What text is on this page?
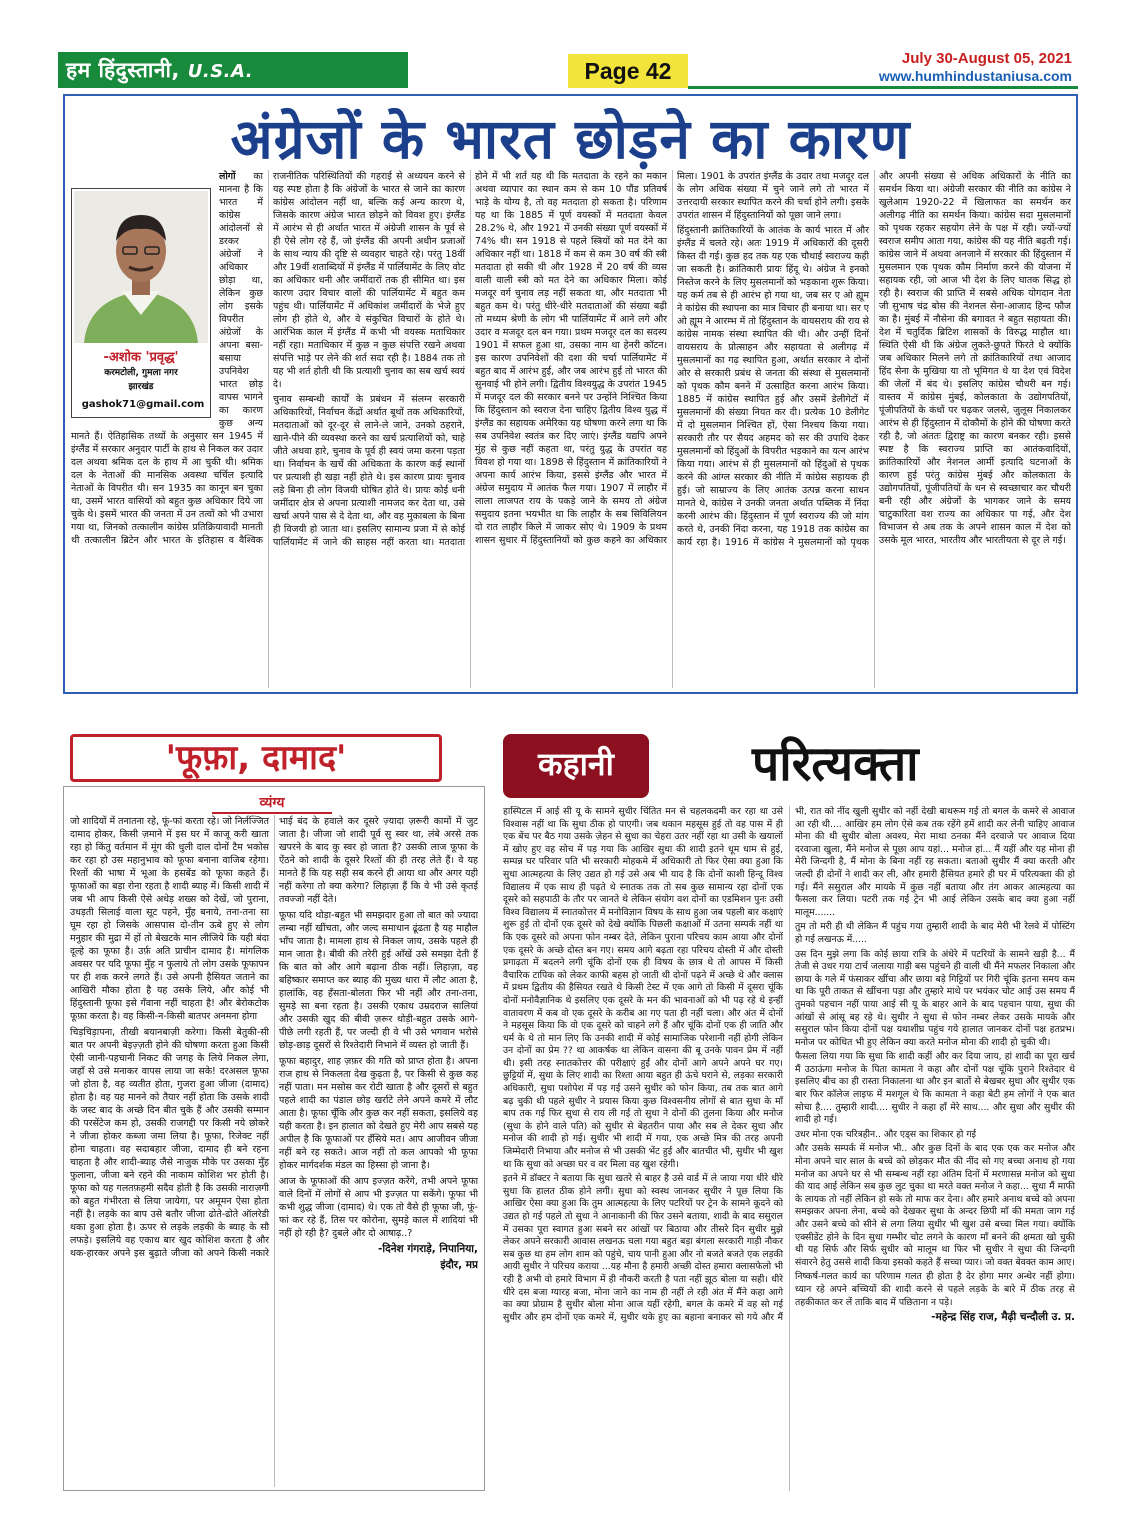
हम हिंदुस्तानी, U.S.A.	Page 42	July 30-August 05, 2021
www.humhindustaniusa.com
अंग्रेजों के भारत छोड़ने का कारण
-अशोक 'प्रवृद्ध'
करमटोली, गुमला नगर
झारखंड
gashok71@gmail.com

लोगों का मानना है कि भारत में कांग्रेस आंदोलनों से डरकर अंग्रेजों ने अधिकार छोड़ा था, लेकिन कुछ लोग इसके विपरीत अंग्रेजों के अपना बसा-बसाया उपनिवेश भारत छोड़ वापस भागने का कारण कुछ अन्य मानते हैं। ऐतिहासिक तथ्यों के अनुसार सन 1945 में इंग्लैंड में सरकार अनुदार पार्टी के हाथ से निकल कर उदार दल अथवा श्रमिक दल के हाथ में आ चुकी थी। श्रमिक दल के नेताओं की मानसिक अवस्था चर्चिल इत्यादि नेताओं के विपरीत थी। सन 1935 का कानून बन चुका था, उसमें भारत वासियों को बहुत कुछ अधिकार दिये जा चुके थे। इसमें भारत की जनता में उन तत्वों को भी उभारा गया था, जिनको तत्कालीन कांग्रेस प्रतिक्रियावादी मानती थी तत्कालीन ब्रिटेन और भारत के इतिहास व वैश्विक राजनीतिक परिस्थितियों की गहराई से अध्ययन करने से यह स्पष्ट होता है कि अंग्रेजों के भारत से जाने का कारण कांग्रेस आंदोलन नहीं था, बल्कि कई अन्य कारण थे, जिसके कारण अंग्रेज भारत छोड़ने को विवश हुए। इंग्लैंड में आरंभ से ही अर्थात भारत में अंग्रेजी शासन के पूर्व से ही ऐसे लोग रहे हैं, जो इंग्लैंड की अपनी अधीन प्रजाओं के साथ न्याय की दृष्टि से व्यवहार चाहते रहे। परंतु 18वीं और 19वीं शताब्दियों में इंग्लैंड में पार्लियामेंट के लिए वोट का अधिकार धनी और जमींदारों तक ही सीमित था। इस कारण उदार विचार वालों की पार्लियामेंट में बहुत कम पहुंच थी। पार्लियामेंट में अधिकांश जमींदारों के भेजे हुए लोग ही होते थे, और वे संकुचित विचारों के होते थे। आरंभिक काल में इंग्लैंड में कभी भी वयस्क मताधिकार नहीं रहा। मताधिकार में कुछ न कुछ संपत्ति रखने अथवा संपत्ति भाड़े पर लेने की शर्त सदा रही है। 1884 तक तो यह भी शर्त होती थी कि प्रत्याशी चुनाव का सब खर्च स्वयं दे।

चुनाव सम्बन्धी कार्यों के प्रबंधन में संलग्न सरकारी अधिकारियों, निर्वाचन केंद्रों अर्थात बूथों तक अधिकारियों, मतदाताओं को दूर-दूर से लाने-ले जाने, उनको ठहराने, खाने-पीने की व्यवस्था करने का खर्च प्रत्याशियों को, चाहे जीते अथवा हारे, चुनाव के पूर्व ही स्वयं जमा करना पड़ता था। निर्वाचन के खर्चे की अधिकता के कारण कई स्थानों पर प्रत्याशी ही खड़ा नहीं होते थे। इस कारण प्रायः चुनाव लड़े बिना ही लोग विजयी घोषित होते थे। प्रायः कोई धनी जमींदार क्षेत्र से अपना प्रत्याशी नामजद कर देता था, उसे खर्चा अपने पास से दे देता था, और वह मुकाबला के बिना ही विजयी हो जाता था। इसलिए सामान्य प्रजा में से कोई पार्लियामेंट में जाने की साहस नहीं करता था। मतदाता होने में भी शर्त यह थी कि मतदाता के रहने का मकान अथवा व्यापार का स्थान कम से कम 10 पौंड प्रतिवर्ष भाड़े के योग्य है, तो वह मतदाता हो सकता है। परिणाम यह था कि 1885 में पूर्ण वयस्कों में मतदाता केवल 28.2% थे, और 1921 में उनकी संख्या पूर्ण वयस्कों में 74% थी। सन 1918 से पहले स्त्रियों को मत देने का अधिकार नहीं था। 1818 में कम से कम 30 वर्ष की स्त्री मतदाता हो सकी थी और 1928 में 20 वर्ष की व्यस वाली वाली स्त्री को मत देने का अधिकार मिला। कोई मजदूर वर्ग चुनाव लड़ नहीं सकता था, और मतदाता भी बहुत कम थे। परंतु धीरे-धीरे मतदाताओं की संख्या बढ़ी तो मध्यम श्रेणी के लोग भी पार्लियामेंट में आने लगे और उदार व मजदूर दल बन गया। प्रथम मजदूर दल का सदस्य 1901 में सफल हुआ था, उसका नाम था हेनरी कॉटन। इस कारण उपनिवेशों की दशा की चर्चा पार्लियामेंट में बहुत बाद में आरंभ हुई, और जब आरंभ हुई तो भारत की सुनवाई भी होने लगी। द्वितीय विश्वयुद्ध के उपरांत 1945 में मजदूर दल की सरकार बनने पर उन्होंने निश्चित किया कि हिंदुस्तान को स्वराज देना चाहिए द्वितीय विश्व युद्ध में इंग्लैंड का सहायक अमेरिका यह घोषणा करने लगा था कि सब उपनिवेश स्वतंत्र कर दिए जाएं। इंग्लैंड यद्यपि अपने मुंह से कुछ नहीं कहता था, परंतु युद्ध के उपरांत वह विवश हो गया था। 1898 से हिंदुस्तान में क्रांतिकारियों ने अपना कार्य आरंभ किया, इससे इंग्लैंड और भारत में अंग्रेज समुदाय में आतंक फैल गया। 1907 में लाहौर में लाला लाजपत राय के पकड़े जाने के समय तो अंग्रेज समुदाय इतना भयभीत था कि लाहौर के सब सिविलियन दो रात लाहौर किले में जाकर सोए थे। 1909 के प्रथम शासन सुधार में हिंदुस्तानियों को कुछ कहने का अधिकार मिला। 1901 के उपरांत इंग्लैंड के उदार तथा मजदूर दल के लोग अधिक संख्या में चुने जाने लगे तो भारत में उत्तरदायी सरकार स्थापित करने की चर्चा होने लगी। इसके उपरांत शासन में हिंदुस्तानियों को पूछा जाने लगा।

हिंदुस्तानी क्रांतिकारियों के आतंक के कार्य भारत में और इंग्लैंड में चलते रहे। अतः 1919 में अधिकारों की दूसरी किस्त दी गई। कुछ हद तक यह एक चौथाई स्वराज्य कही जा सकती है। क्रांतिकारी प्रायः हिंदू थे। अंग्रेज ने इनको निस्तेज करने के लिए मुसलमानों को भड़काना शुरू किया। यह कर्म तब से ही आरंभ हो गया था, जब सर ए ओ ह्यूम ने कांग्रेस की स्थापना का मात्र विचार ही बनाया था। सर ए ओ ह्यूम ने आरम्भ में तो हिंदुस्तान के वायसराय की राय से कांग्रेस नामक संस्था स्थापित की थी। और उन्हीं दिनों वायसराय के प्रोत्साहन और सहायता से अलीगढ़ में मुसलमानों का गढ़ स्थापित हुआ, अर्थात सरकार ने दोनों ओर से सरकारी प्रबंध से जनता की संस्था से मुसलमानों को पृथक कौम बनने में उत्साहित करना आरंभ किया। 1885 में कांग्रेस स्थापित हुई और उसमें डेलीगेटों में मुसलमानों की संख्या नियत कर दी। प्रत्येक 10 डेलीगेट में दो मुसलमान निश्चित हों, ऐसा निश्चय किया गया। सरकारी तौर पर सैयद अहमद को सर की उपाधि देकर मुसलमानों को हिंदुओं के विपरीत भड़काने का यत्न आरंभ किया गया। आरंभ से ही मुसलमानों को हिंदुओं से पृथक करने की आंग्ल सरकार की नीति में कांग्रेस सहायक ही हुई। जो साम्राज्य के लिए आतंक उत्पन्न करना साधन मानते थे, कांग्रेस ने उनकी जनता अर्थात पब्लिक में निंदा करनी आरंभ की। हिंदुस्तान में पूर्ण स्वराज्य की जो मांग करते थे, उनकी निंदा करना, यह 1918 तक कांग्रेस का कार्य रहा है। 1916 में कांग्रेस ने मुसलमानों को पृथक और अपनी संख्या से अधिक अधिकारों के नीति का समर्थन किया था। अंग्रेजी सरकार की नीति का कांग्रेस ने खुलेआम 1920-22 में खिलाफत का समर्थन कर अलीगढ़ नीति का समर्थन किया। कांग्रेस सदा मुसलमानों को पृथक रहकर सहयोग लेने के पक्ष में रही। ज्यों-ज्यों स्वराज समीप आता गया, कांग्रेस की यह नीति बढ़ती गई। कांग्रेस जाने में अथवा अनजाने में सरकार की हिंदुस्तान में मुसलमान एक पृथक कौम निर्माण करने की योजना में सहायक रही, जो आज भी देश के लिए घातक सिद्ध हो रही है। स्वराज की प्राप्ति में सबसे अधिक योगदान नेता जी सुभाष चंद्र बोस की नेशनल सेना-आजाद हिन्द फौज का है। मुंबई में नौसेना की बगावत ने बहुत सहायता की। देश में चतुर्दिक ब्रिटिश शासकों के विरुद्ध माहौल था। स्थिति ऐसी थी कि अंग्रेज लुकते-छुपते फिरते थे क्योंकि जब अधिकार मिलने लगे तो क्रांतिकारियों तथा आजाद हिंद सेना के मुखिया या तो भूमिगत थे या देश एवं विदेश की जेलों में बंद थे। इसलिए कांग्रेस चौधरी बन गई। वास्तव में कांग्रेस मुंबई, कोलकाता के उद्योगपतियों, पूंजीपतियों के कंधों पर चढ़कर जलसे, जुलूस निकालकर आरंभ से ही हिंदुस्तान में दोकौमों के होने की घोषणा करते रही है, जो अंततः द्विराष्ट्र का कारण बनकर रही। इससे स्पष्ट है कि स्वराज्य प्राप्ति का आतंकवादियों, क्रांतिकारियों और नेशनल आर्मी इत्यादि घटनाओं के कारण हुई परंतु कांग्रेस मुंबई और कोलकाता के उद्योगपतियों, पूंजीपतियों के धन से स्वच्छाचार कर चौधरी बनी रही और अंग्रेजों के भागकर जाने के समय चाटुकारिता वश राज्य का अधिकार पा गई, और देश विभाजन से अब तक के अपने शासन काल में देश को उसके मूल भारत, भारतीय और भारतीयता से दूर ले गई।

'फूफ़ा, दामाद'
व्यंग्य

जो शादियों में तनातना रहे, फूं-फां करता रहे। जो निर्लज्जित दामाद होकर, किसी ज़माने में इस घर में काजू करी खाता रहा हो किंतु वर्तमान में मूंग की धुली दाल दोनों टैम भकोस कर रहा हो उस महानुभाव को फूफा बनाना वाजिब रहेगा। रिश्तों की भाषा में भूआ के हसबेंड को फूफा कहते हैं। फूफाओं का बड़ा रोना रहता है शादी ब्याह में। किसी शादी में जब भी आप किसी ऐसे अधेड़ शख्स को देखें, जो पुराना, उधड़ती सिलाई वाला सूट पहने, मुँह बनाये, तना-तना सा घूम रहा हो जिसके आसपास दो-तीन ऊबे हुए से लोग मनुहार की मुद्रा में हों तो बेखटके मान लीजिये कि यही बंदा दूल्हे का फूफा है। उर्फ़ अति प्राचीन दामाद है। मांगलिक अवसर पर यदि फूफा मुँह न फुलाये तो लोग उसके फूफापन पर ही शक करने लगते हैं। उसे अपनी हैसियत जताने का आखिरी मौका होता है यह उसके लिये, और कोई भी हिंदुस्तानी फूफा इसे गँवाना नहीं चाहता है! और बेरोकटोक फूफ़ा करता है। वह किसी-न-किसी बातपर अनमना होगा

चिड़चिड़ापना, तीखी बयानबाज़ी करेगा। किसी बेतुकी-सी बात पर अपनी बेइज़्ज़ती होने की घोषणा करता हुआ किसी ऐसी जानी-पहचानी निकट की जगह के लिये निकल लेगा, जहाँ से उसे मनाकर वापस लाया जा सके! दरअसल फूफा जो होता है, वह व्यतीत होता, गुजरा हुआ जीजा (दामाद) होता है। वह यह मानने को तैयार नहीं होता कि उसके शादी के जस्ट बाद के अच्छे दिन बीत चुके हैं और उसकी सम्मान की परसेंटेज कम हो, उसकी राजगद्दी पर किसी नये छोकरे ने जीजा होकर कब्जा जमा लिया है। फूफा, रिजेक्ट नहीं होना चाहता। वह सदाबहार जीजा, दामाद ही बने रहना चाहता है और शादी-ब्याह जैसे नाजुक मौके पर उसका मुँह फुलाना, जीजा बने रहने की नाकाम कोशिश भर होती है। फूफा को यह गलतफ़हमी सदैव होती है कि उसकी नाराज़गी को बहुत गंभीरता से लिया जायेगा, पर अमूमन ऐसा होता नहीं है। लड़के का बाप उसे बतौर जीजा ढोते-ढोते ऑलरेडी थका हुआ होता है। ऊपर से लड़के लड़की के ब्याह के सौ लफड़े। इसलिये वह एकाध बार खुद कोशिश करता है और थक-हारकर अपने इस बुढ़ाते जीजा को अपने किसी नकारे भाई बंद के हवाले कर दूसरे ज़्यादा ज़रूरी कामों में जुट जाता है। जीजा जो शादी पूर्व सु स्वर था, लंबे अरसे तक खपरने के बाद कु स्वर हो जाता है? उसकी लाज फूफा के ऐंठने को शादी के दूसरे रिश्तों की ही तरह लेते हैं। वे यह मानते हैं कि यह सही सब करने ही आया था और अगर यही नहीं करेगा तो क्या करेगा? लिहाज़ा हैं कि वे भी उसे कृतई तवज्जो नहीं देते।

फूफा यदि थोड़ा-बहुत भी समझदार हुआ तो बात को ज्यादा लम्बा नहीं खींचता, और जल्द समाधान ढूंढता है यह माहौल भाँप जाता है। मामला हाथ से निकल जाय, उसके पहले ही मान जाता है। बीवी की तरेरी हुई आँखें उसे समझा देती हैं कि बात को और आगे बढ़ाना ठीक नहीं। लिहाज़ा, वह बहिष्कार समाप्त कर ब्याह की मुख्य धारा में लौट आता है, हालांकि, वह हँसता-बोलता फिर भी नहीं और तना-तना, सुमड़े सा बना रहता है। उसकी एकाध उम्रदराज सालियां और उसकी खुद की बीवी ज़रूर थोड़ी-बहुत उसके आगे-पीछे लगी रहती हैं, पर जल्दी ही वे भी उसे भगवान भरोसे छोड़-छाड़ दूसरों से रिश्तेदारी निभाने में व्यस्त हो जाती हैं।

फूफा बहादुर, शाह ज़फ़र की गति को प्राप्त होता है। अपना राज हाथ से निकलता देख कुढ़ता है, पर किसी से कुछ कह नहीं पाता। मन मसोस कर रोटी खाता है और दूसरों से बहुत पहले शादी का पंडाल छोड़ खर्राटे लेने अपने कमरे में लौट आता है। फूफा चूँकि और कुछ कर नहीं सकता, इसलिये वह यही करता है। इन हालात को देखते हुए मेरी आप सबसे यह अपील है कि फूफाओं पर हँसिये मत। आप आजीवन जीजा नहीं बने रह सकते। आज नहीं तो कल आपको भी फूफा होकर मार्गदर्शक मंडल का हिस्सा हो जाना है।

आज के फूफाओं की आप इज्ज़त करेंगे, तभी अपने फूफा वाले दिनों में लोगों से आप भी इज्ज़त पा सकेंगे। फूफा भी कभी शुद्ध जीजा (दामाद) थे। एक तो वैसे ही फूफा जी, फूं-फां कर रहे हैं, तिस पर कोरोना, सुमड़े काल में शादियां भी नहीं हो रही है? दुबले और दो आषाढ़..?

-दिनेश गंगराड़े, निपानिया,

इंदौर, मप्र

कहानी	परित्यक्ता

हास्पिटल में आई सी यू के सामने सुधीर चिंतित मन से चहलकदमी कर रहा था उसे विश्वास नहीं था कि सुधा ठीक हो पाएगी। जब थकान महसूस हुई तो वह पास में ही एक बेंच पर बैठ गया उसके ज़ेहन से सुधा का चेहरा उतर नहीं रहा था उसी के खयालों में खोए हुए वह सोच में पड़ गया कि आखिर सुधा की शादी इतने धूम धाम से हुई, सम्पन्न घर परिवार पति भी सरकारी मोहकमे में अधिकारी तो फिर ऐसा क्या हुआ कि सुधा आत्महत्या के लिए उद्यत हो गई उसे अब भी याद है कि दोनों काशी हिन्दू विश्व विद्यालय में एक साथ ही पढ़ते थे स्नातक तक तो सब कुछ सामान्य रहा दोनों एक दूसरे को सहपाठी के तौर पर जानते थे लेकिन संयोग वश दोनों का एडमिशन पुनः उसी विश्व विद्यालय में स्नातकोत्तर में मनोविज्ञान विषय के साथ हुआ जब पहली बार कक्षाएं शुरू हुई तो दोनों एक दूसरे को देखे क्योंकि पिछली कक्षाओं में उतना सम्पर्क नहीं था कि एक दूसरे को अपना फोन नम्बर देते, लेकिन पुराना परिचय काम आया और दोनों एक दूसरे के अच्छे दोस्त बन गए। समय आगे बढ़ता रहा परिचय दोस्ती में और दोस्ती प्रगाढ़ता में बदलने लगी चूंकि दोनों एक ही विषय के छात्र थे तो आपस में किसी वैचारिक टापिक को लेकर काफी बहस हो जाती थी दोनों पढ़ने में अच्छे थे और क्लास में प्रथम द्वितीय की हैसियत रखते थे किसी टेस्ट में एक आगे तो किसी में दूसरा चूंकि दोनों मनोवैज्ञानिक थे इसलिए एक दूसरे के मन की भावनाओं को भी पढ़ रहे थे इन्हीं वातावरण में कब वो एक दूसरे के करीब आ गए पता ही नहीं चला। और अंत में दोनों ने महसूस किया कि वो एक दूसरे को चाहने लगे हैं और चूंकि दोनों एक ही जाति और धर्म के थे तो मान लिए कि उनकी शादी में कोई सामाजिक परेशानी नहीं होगी लेकिन उन दोनों का प्रेम ?? था आकर्षक था लेकिन वासना की बू उनके पावन प्रेम में नहीं थी। इसी तरह स्नातकोत्तर की परीक्षाएं हुईं और दोनों आगे अपने अपने घर गए। छुट्टियों में, सुधा के लिए शादी का रिश्ता आया बहुत ही ऊंचे घराने से, लड़का सरकारी अधिकारी, सुधा पशोपेश में पड़ गई उसने सुधीर को फोन किया, तब तक बात आगे बढ़ चुकी थी पहले सुधीर ने प्रयास किया कुछ विश्वसनीय लोगों से बात सुधा के माँ बाप तक गई फिर सुधा से राय ली गई तो सुधा ने दोनों की तुलना किया और मनोज (सुधा के होने वाले पति) को सुधीर से बेहतरीन पाया और सब ले देकर सुधा और मनोज की शादी हो गई। सुधीर भी शादी में गया, एक अच्छे मित्र की तरह अपनी जिम्मेदारी निभाया और मनोज से भी उसकी भेंट हुई और बातचीत भी, सुधीर भी खुश था कि सुधा को अच्छा घर व वर मिला वह खुश रहेगी।

इतने में डॉक्टर ने बताया कि सुधा खतरे से बाहर है उसे वार्ड में ले जाया गया धीरे धीरे सुधा कि हालत ठीक होने लगी। सुधा को स्वस्थ जानकर सुधीर ने पूछ लिया कि आखिर ऐसा क्या हुआ कि तुम आत्महत्या के लिए पटरियों पर ट्रेन के सामने कूदने को उद्यत हो गई पहले तो सुधा ने आनाकानी की फिर उसने बताया, शादी के बाद ससुराल में उसका पूरा स्वागत हुआ सबने सर आंखों पर बिठाया और तीसरे दिन सुधीर मुझे लेकर अपने सरकारी आवास लखनऊ चला गया बहुत बड़ा बंगला सरकारी गाड़ी नौकर सब कुछ था हम लोग शाम को पहुंचे, चाय पानी हुआ और नो बजते बजते एक लड़की आयी सुधीर ने परिचय कराया ...यह मौना है हमारी अच्छी दोस्त हमारा क्लासफेलो भी रही है अभी वो हमारे विभाग में ही नौकरी करती है पता नहीं झूठ बोला या सही। धीरे धीरे दस बजा ग्यारह बजा, मोना जाने का नाम ही नहीं ले रही अंत में मैंने कहा आगे का क्या प्रोग्राम है सुधीर बोला मोना आज यहीं रहेगी, बगल के कमरे में वह सो गई सुधीर और हम दोनों एक कमरे में, सुधीर थके हुए का बहाना बनाकर सो गये और मैं भी, रात को नींद खुली सुधीर को नहीं देखी बाथरूम गई तो बगल के कमरे से आवाज आ रही थी.... आखिर हम लोग ऐसे कब तक रहेंगे हमें शादी कर लेनी चाहिए आवाज मोना की थी सुधीर बोला अवश्य, मेरा माथा ठनका मैंने दरवाजे पर आवाज दिया दरवाजा खुला, मैंने मनोज से पूछा आप यहां... मनोज हां... मैं यहीं और यह मोना ही मेरी जिन्दगी है, मैं मोना के बिना नहीं रह सकता। बताओ सुधीर मैं क्या करती और जल्दी ही दोनों ने शादी कर ली, और हमारी हैसियत हमारे ही घर में परित्यक्ता की हो गई। मैंने ससुराल और मायके में कुछ नहीं बताया और तंग आकर आत्महत्या का फैसला कर लिया। पटरी तक गई ट्रेन भी आई लेकिन उसके बाद क्या हुआ नहीं मालूम.......

तुम तो मरी ही थी लेकिन मैं पहुंच गया तुम्हारी शादी के बाद मेरी भी रेलवे में पोस्टिंग हो गई लखनऊ में.....

उस दिन मुझे लगा कि कोई छाया रात्रि के अंधेरे में पटरियों के सामने खड़ी है... मैं तेजी से उधर गया टार्च जलाया गाड़ी बस पहुंचने ही वाली थी मैंने मफलर निकाला और छाया के गले में फंसाकर खींचा और छाया बड़े गिट्टियों पर गिरी चूंकि इतना समय कम था कि पूरी ताकत से खींचना पड़ा और तुम्हारे माथे पर भयंकर चोट आई उस समय मैं तुमको पहचान नहीं पाया आई सी यू के बाहर आने के बाद पहचान पाया, सुधा की आंखों से आंसू बह रहे थे। सुधीर ने सुधा से फोन नम्बर लेकर उसके मायके और ससुराल फोन किया दोनों पक्ष यथाशीघ्र पहुंच गये हालात जानकर दोनों पक्ष हतप्रभ। मनोज पर कोधित भी हुए लेकिन क्या करते मनोज मोना की शादी हो चुकी थी।

फैसला लिया गया कि सुधा कि शादी कहीं और कर दिया जाय, हां शादी का पूरा खर्च मैं उठाऊंगा मनोज के पिता कामता ने कहा और दोनों पक्ष चूंकि पुराने रिश्तेदार थे इसलिए बीच का ही रास्ता निकालना था और इन बातों से बेखबर सुधा और सुधीर एक बार फिर कॉलेज लाइफ में मशगूल थे कि कामता ने कहा बेटी हम लोगों ने एक बात सोचा है.... तुम्हारी शादी.... सुधीर ने कहा हाँ मेरे साथ.... और सुधा और सुधीर की शादी हो गई।

उधर मोना एक चरित्रहीन.. और एड्स का शिकार हो गई

और उसके सम्पर्क में मनोज भी.. और कुछ दिनों के बाद एक एक कर मनोज और मोना अपने चार साल के बच्चे को छोड़कर मौत की नींद सो गए बच्चा अनाथ हो गया मनोज का अपने घर से भी सम्बन्ध नहीं रहा अंतिम दिनों में मरणासन्न मनोज को सुधा की याद आई लेकिन सब कुछ लुट चुका था मरते वक्त मनोज ने कहा... सुधा मैं माफी के लायक तो नहीं लेकिन हो सके तो माफ कर देना। और हमारे अनाथ बच्चे को अपना समझकर अपना लेना, बच्चे को देखकर सुधा के अन्दर छिपी माँ की ममता जाग गई और उसने बच्चे को सीने से लगा लिया सुधीर भी खुश उसे बच्चा मिल गया। क्योंकि एक्सीडेंट होने के दिन सुधा गम्भीर चोट लगने के कारण माँ बनने की क्षमता खो चुकी थी यह सिर्फ और सिर्फ सुधीर को मालूम था फिर भी सुधीर ने सुधा की जिन्दगी संवारने हेतु उससे शादी किया इसको कहते हैं सच्चा प्यार। जो वक्त बेवक्त काम आए।

निष्कर्ष-गलत कार्य का परिणाम गलत ही होता है देर होगा मगर अन्धेर नहीं होगा। ध्यान रहे अपने बच्चियों की शादी करने से पहले लड़के के बारे में ठीक तरह से तहकीकात कर लें ताकि बाद में पछिताना न पड़े।

-महेन्द्र सिंह राज, मैढ़ी चन्दौली उ. प्र.
